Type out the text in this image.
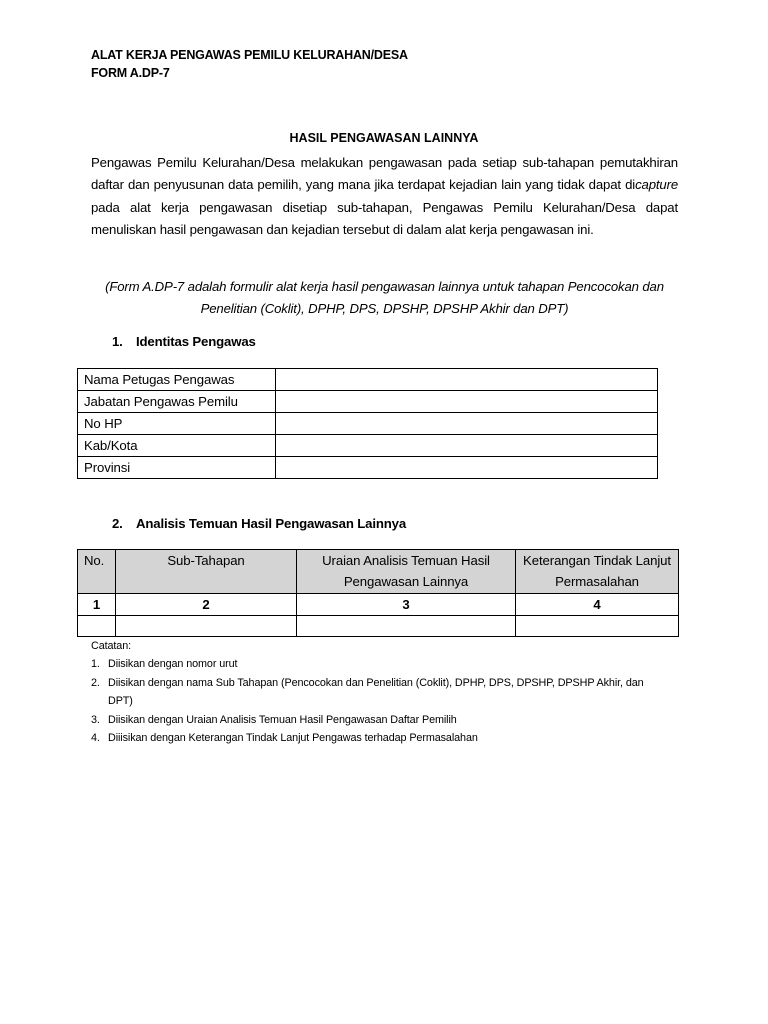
ALAT KERJA PENGAWAS PEMILU KELURAHAN/DESA
FORM A.DP-7
HASIL PENGAWASAN LAINNYA
Pengawas Pemilu Kelurahan/Desa melakukan pengawasan pada setiap sub-tahapan pemutakhiran daftar dan penyusunan data pemilih, yang mana jika terdapat kejadian lain yang tidak dapat dicapture pada alat kerja pengawasan disetiap sub-tahapan, Pengawas Pemilu Kelurahan/Desa dapat menuliskan hasil pengawasan dan kejadian tersebut di dalam alat kerja pengawasan ini.
(Form A.DP-7 adalah formulir alat kerja hasil pengawasan lainnya untuk tahapan Pencocokan dan Penelitian (Coklit), DPHP, DPS, DPSHP, DPSHP Akhir dan DPT)
1. Identitas Pengawas
Nama Petugas Pengawas	
Jabatan Pengawas Pemilu	
No HP	
Kab/Kota	
Provinsi	
2. Analisis Temuan Hasil Pengawasan Lainnya
No.	Sub-Tahapan	Uraian Analisis Temuan Hasil Pengawasan Lainnya	Keterangan Tindak Lanjut Permasalahan
1	2	3	4

Catatan:
1. Diisikan dengan nomor urut
2. Diisikan dengan nama Sub Tahapan (Pencocokan dan Penelitian (Coklit), DPHP, DPS, DPSHP, DPSHP Akhir, dan DPT)
3. Diisikan dengan Uraian Analisis Temuan Hasil Pengawasan Daftar Pemilih
4. Diiisikan dengan Keterangan Tindak Lanjut Pengawas terhadap Permasalahan
